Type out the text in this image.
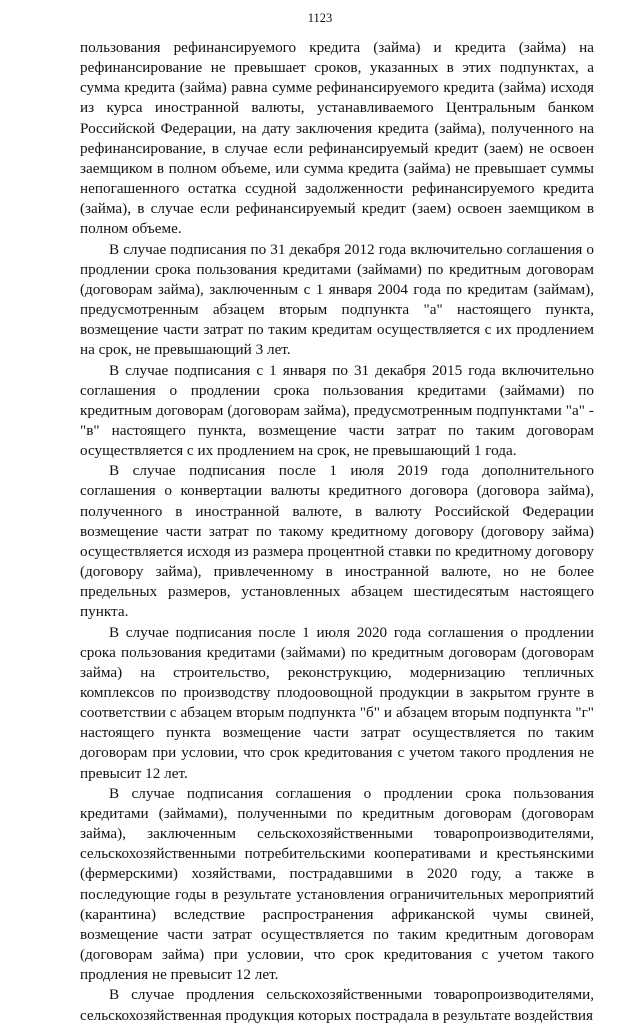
1123

пользования рефинансируемого кредита (займа) и кредита (займа) на рефинансирование не превышает сроков, указанных в этих подпунктах, а сумма кредита (займа) равна сумме рефинансируемого кредита (займа) исходя из курса иностранной валюты, устанавливаемого Центральным банком Российской Федерации, на дату заключения кредита (займа), полученного на рефинансирование, в случае если рефинансируемый кредит (заем) не освоен заемщиком в полном объеме, или сумма кредита (займа) не превышает суммы непогашенного остатка ссудной задолженности рефинансируемого кредита (займа), в случае если рефинансируемый кредит (заем) освоен заемщиком в полном объеме.

В случае подписания по 31 декабря 2012 года включительно соглашения о продлении срока пользования кредитами (займами) по кредитным договорам (договорам займа), заключенным с 1 января 2004 года по кредитам (займам), предусмотренным абзацем вторым подпункта "а" настоящего пункта, возмещение части затрат по таким кредитам осуществляется с их продлением на срок, не превышающий 3 лет.

В случае подписания с 1 января по 31 декабря 2015 года включительно соглашения о продлении срока пользования кредитами (займами) по кредитным договорам (договорам займа), предусмотренным подпунктами "а" - "в" настоящего пункта, возмещение части затрат по таким договорам осуществляется с их продлением на срок, не превышающий 1 года.

В случае подписания после 1 июля 2019 года дополнительного соглашения о конвертации валюты кредитного договора (договора займа), полученного в иностранной валюте, в валюту Российской Федерации возмещение части затрат по такому кредитному договору (договору займа) осуществляется исходя из размера процентной ставки по кредитному договору (договору займа), привлеченному в иностранной валюте, но не более предельных размеров, установленных абзацем шестидесятым настоящего пункта.

В случае подписания после 1 июля 2020 года соглашения о продлении срока пользования кредитами (займами) по кредитным договорам (договорам займа) на строительство, реконструкцию, модернизацию тепличных комплексов по производству плодоовощной продукции в закрытом грунте в соответствии с абзацем вторым подпункта "б" и абзацем вторым подпункта "г" настоящего пункта возмещение части затрат осуществляется по таким договорам при условии, что срок кредитования с учетом такого продления не превысит 12 лет.

В случае подписания соглашения о продлении срока пользования кредитами (займами), полученными по кредитным договорам (договорам займа), заключенным сельскохозяйственными товаропроизводителями, сельскохозяйственными потребительскими кооперативами и крестьянскими (фермерскими) хозяйствами, пострадавшими в 2020 году, а также в последующие годы в результате установления ограничительных мероприятий (карантина) вследствие распространения африканской чумы свиней, возмещение части затрат осуществляется по таким кредитным договорам (договорам займа) при условии, что срок кредитования с учетом такого продления не превысит 12 лет.

В случае продления сельскохозяйственными товаропроизводителями, сельскохозяйственная продукция которых пострадала в результате воздействия
